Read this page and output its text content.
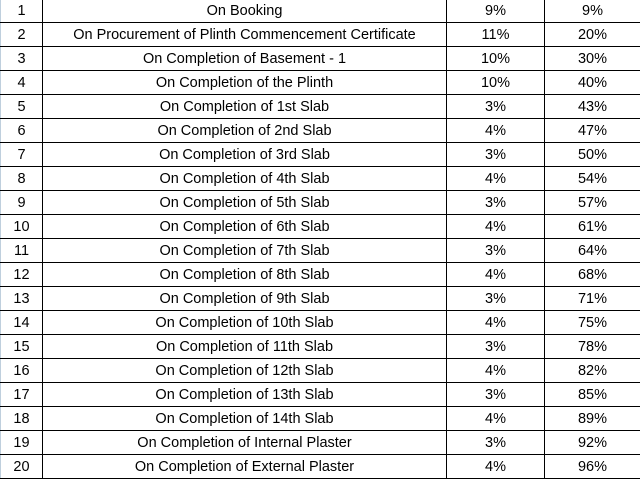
1	On Booking	9%	9%
2	On Procurement of Plinth Commencement Certificate	11%	20%
3	On Completion of Basement - 1	10%	30%
4	On Completion of the Plinth	10%	40%
5	On Completion of 1st Slab	3%	43%
6	On Completion of 2nd Slab	4%	47%
7	On Completion of 3rd Slab	3%	50%
8	On Completion of 4th Slab	4%	54%
9	On Completion of 5th Slab	3%	57%
10	On Completion of 6th Slab	4%	61%
11	On Completion of 7th Slab	3%	64%
12	On Completion of 8th Slab	4%	68%
13	On Completion of 9th Slab	3%	71%
14	On Completion of 10th Slab	4%	75%
15	On Completion of 11th Slab	3%	78%
16	On Completion of 12th Slab	4%	82%
17	On Completion of 13th Slab	3%	85%
18	On Completion of 14th Slab	4%	89%
19	On Completion of Internal Plaster	3%	92%
20	On Completion of External Plaster	4%	96%
